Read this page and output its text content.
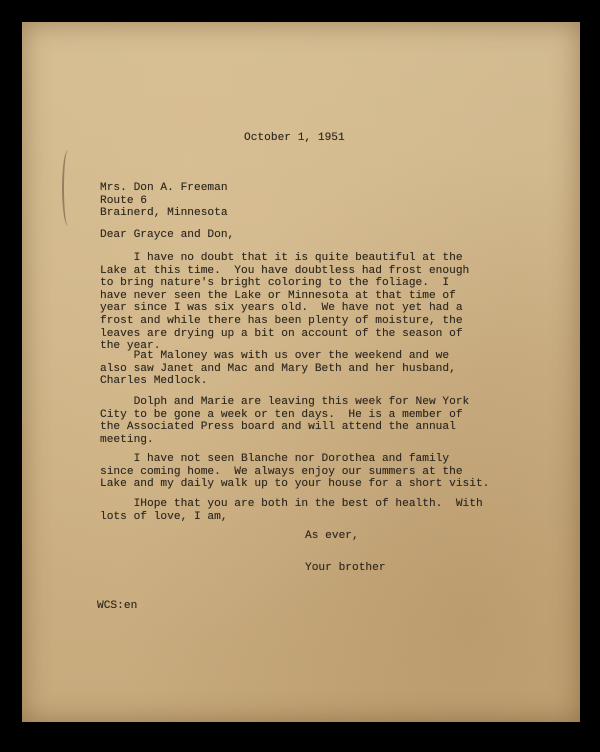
October 1, 1951
Mrs. Don A. Freeman
Route 6
Brainerd, Minnesota
Dear Grayce and Don,
I have no doubt that it is quite beautiful at the
Lake at this time.  You have doubtless had frost enough
to bring nature's bright coloring to the foliage.  I
have never seen the Lake or Minnesota at that time of
year since I was six years old.  We have not yet had a
frost and while there has been plenty of moisture, the
leaves are drying up a bit on account of the season of
the year.
Pat Maloney was with us over the weekend and we
also saw Janet and Mac and Mary Beth and her husband,
Charles Medlock.
Dolph and Marie are leaving this week for New York
City to be gone a week or ten days.  He is a member of
the Associated Press board and will attend the annual
meeting.
I have not seen Blanche nor Dorothea and family
since coming home.  We always enjoy our summers at the
Lake and my daily walk up to your house for a short visit.
IHope that you are both in the best of health.  With
lots of love, I am,
As ever,
Your brother
WCS:en
